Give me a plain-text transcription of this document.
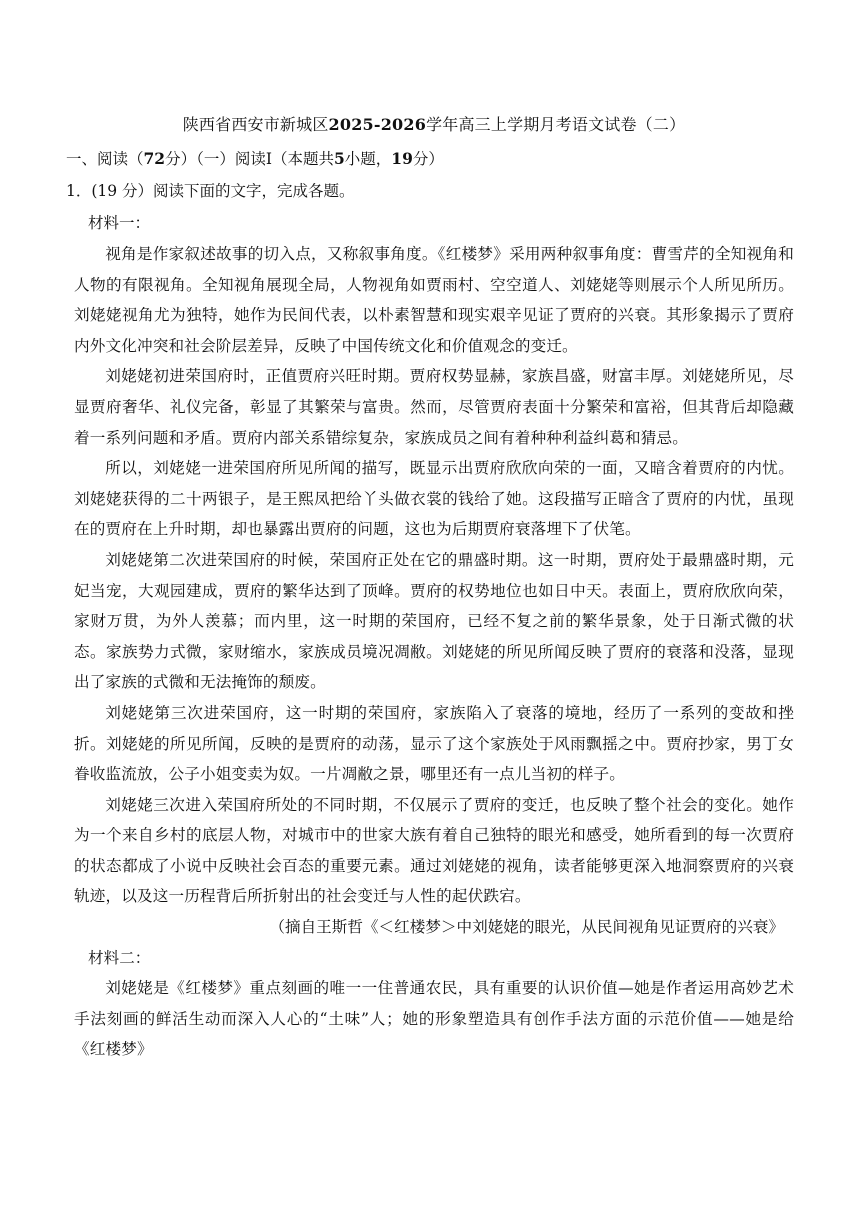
陕西省西安市新城区2025-2026学年高三上学期月考语文试卷（二）
一、阅读（72分）（一）阅读Ⅰ（本题共5小题，19分）
1．(19 分）阅读下面的文字，完成各题。
材料一：

视角是作家叙述故事的切入点，又称叙事角度。《红楼梦》采用两种叙事角度：曹雪芹的全知视角和人物的有限视角。全知视角展现全局，人物视角如贾雨村、空空道人、刘姥姥等则展示个人所见所历。刘姥姥视角尤为独特，她作为民间代表，以朴素智慧和现实艰辛见证了贾府的兴衰。其形象揭示了贾府内外文化冲突和社会阶层差异，反映了中国传统文化和价值观念的变迁。

刘姥姥初进荣国府时，正值贾府兴旺时期。贾府权势显赫，家族昌盛，财富丰厚。刘姥姥所见，尽显贾府奢华、礼仪完备，彰显了其繁荣与富贵。然而，尽管贾府表面十分繁荣和富裕，但其背后却隐藏着一系列问题和矛盾。贾府内部关系错综复杂，家族成员之间有着种种利益纠葛和猜忌。

所以，刘姥姥一进荣国府所见所闻的描写，既显示出贾府欣欣向荣的一面，又暗含着贾府的内忧。刘姥姥获得的二十两银子，是王熙凤把给丫头做衣裳的钱给了她。这段描写正暗含了贾府的内忧，虽现在的贾府在上升时期，却也暴露出贾府的问题，这也为后期贾府衰落埋下了伏笔。

刘姥姥第二次进荣国府的时候，荣国府正处在它的鼎盛时期。这一时期，贾府处于最鼎盛时期，元妃当宠，大观园建成，贾府的繁华达到了顶峰。贾府的权势地位也如日中天。表面上，贾府欣欣向荣，家财万贯，为外人羡慕；而内里，这一时期的荣国府，已经不复之前的繁华景象，处于日渐式微的状态。家族势力式微，家财缩水，家族成员境况凋敝。刘姥姥的所见所闻反映了贾府的衰落和没落，显现出了家族的式微和无法掩饰的颓废。

刘姥姥第三次进荣国府，这一时期的荣国府，家族陷入了衰落的境地，经历了一系列的变故和挫折。刘姥姥的所见所闻，反映的是贾府的动荡，显示了这个家族处于风雨飘摇之中。贾府抄家，男丁女眷收监流放，公子小姐变卖为奴。一片凋敝之景，哪里还有一点儿当初的样子。

刘姥姥三次进入荣国府所处的不同时期，不仅展示了贾府的变迁，也反映了整个社会的变化。她作为一个来自乡村的底层人物，对城市中的世家大族有着自己独特的眼光和感受，她所看到的每一次贾府的状态都成了小说中反映社会百态的重要元素。通过刘姥姥的视角，读者能够更深入地洞察贾府的兴衰轨迹，以及这一历程背后所折射出的社会变迁与人性的起伏跌宕。

（摘自王斯哲《＜红楼梦＞中刘姥姥的眼光，从民间视角见证贾府的兴衰》

材料二：

刘姥姥是《红楼梦》重点刻画的唯一一住普通农民，具有重要的认识价值—她是作者运用高妙艺术手法刻画的鲜活生动而深入人心的“土味”人；她的形象塑造具有创作手法方面的示范价值——她是给《红楼梦》
